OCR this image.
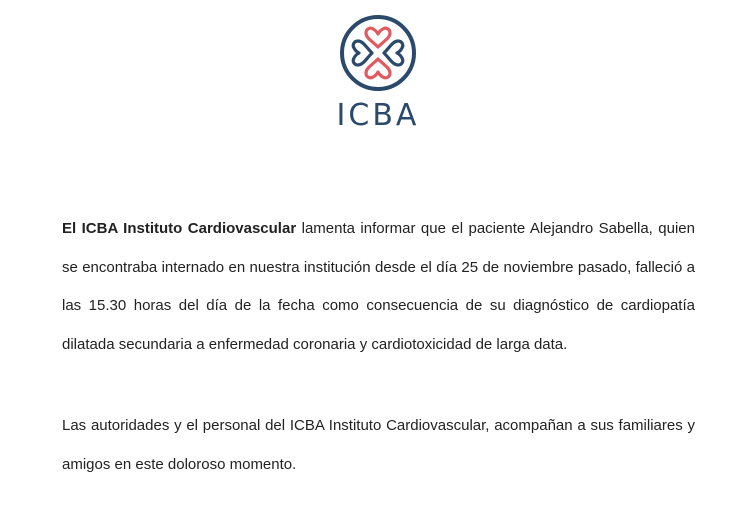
ICBA

El ICBA Instituto Cardiovascular lamenta informar que el paciente Alejandro Sabella, quien se encontraba internado en nuestra institución desde el día 25 de noviembre pasado, falleció a las 15.30 horas del día de la fecha como consecuencia de su diagnóstico de cardiopatía dilatada secundaria a enfermedad coronaria y cardiotoxicidad de larga data.

Las autoridades y el personal del ICBA Instituto Cardiovascular, acompañan a sus familiares y amigos en este doloroso momento.
